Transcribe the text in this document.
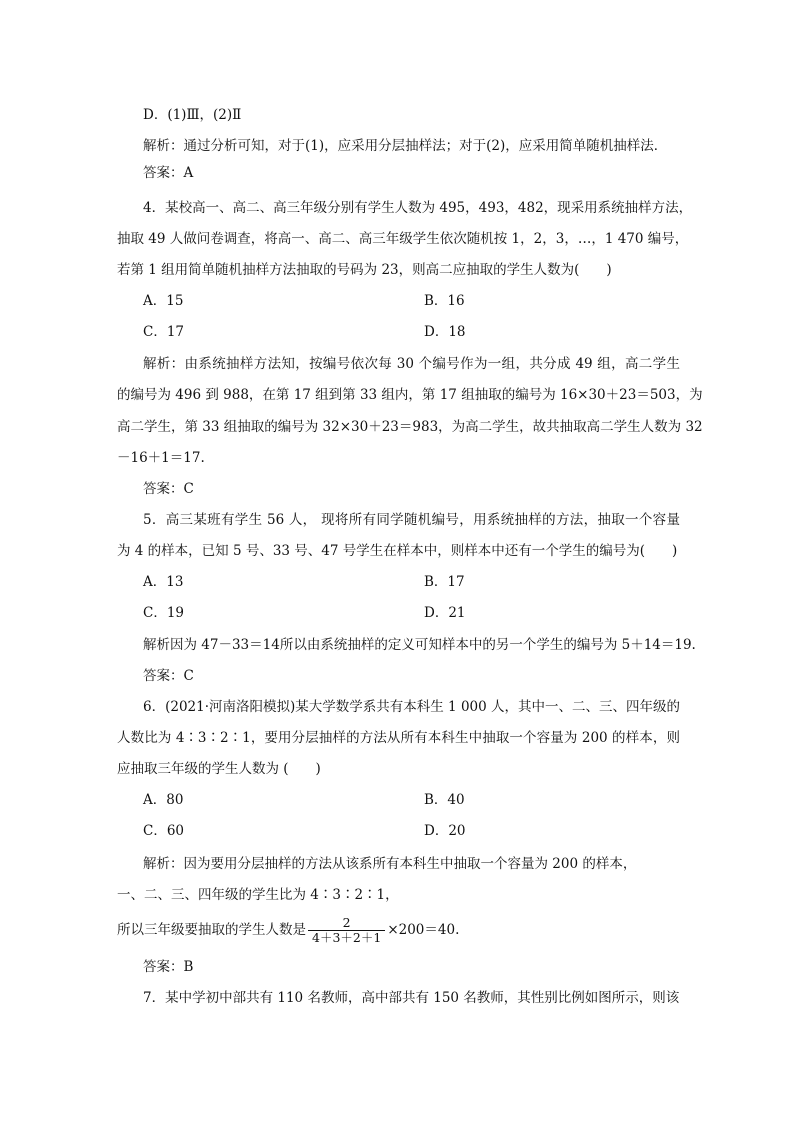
D．(1)Ⅲ，(2)Ⅱ
解析：通过分析可知，对于(1)，应采用分层抽样法；对于(2)，应采用简单随机抽样法．
答案：A
4．某校高一、高二、高三年级分别有学生人数为 495，493，482，现采用系统抽样方法，
抽取 49 人做问卷调查，将高一、高二、高三年级学生依次随机按 1，2，3，…，1 470 编号，
若第 1 组用简单随机抽样方法抽取的号码为 23，则高二应抽取的学生人数为(　　)
A．15	B．16
C．17	D．18
解析：由系统抽样方法知，按编号依次每 30 个编号作为一组，共分成 49 组，高二学生
的编号为 496 到 988，在第 17 组到第 33 组内，第 17 组抽取的编号为 16×30＋23＝503，为
高二学生，第 33 组抽取的编号为 32×30＋23＝983，为高二学生，故共抽取高二学生人数为 32
－16＋1＝17.
答案：C
5．高三某班有学生 56 人， 现将所有同学随机编号，用系统抽样的方法，抽取一个容量
为 4 的样本，已知 5 号、33 号、47 号学生在样本中，则样本中还有一个学生的编号为(　　)
A．13	B．17
C．19	D．21
解析因为 47－33＝14所以由系统抽样的定义可知样本中的另一个学生的编号为 5＋14＝19.
答案：C
6．(2021·河南洛阳模拟)某大学数学系共有本科生 1 000 人，其中一、二、三、四年级的
人数比为 4∶3∶2∶1，要用分层抽样的方法从所有本科生中抽取一个容量为 200 的样本，则
应抽取三年级的学生人数为 (　　)
A．80	B．40
C．60	D．20
解析：因为要用分层抽样的方法从该系所有本科生中抽取一个容量为 200 的样本，
一、二、三、四年级的学生比为 4∶3∶2∶1，
所以三年级要抽取的学生人数是 $\frac{2}{4+3+2+1} \times 200=40$.
答案：B
7．某中学初中部共有 110 名教师，高中部共有 150 名教师，其性别比例如图所示，则该
